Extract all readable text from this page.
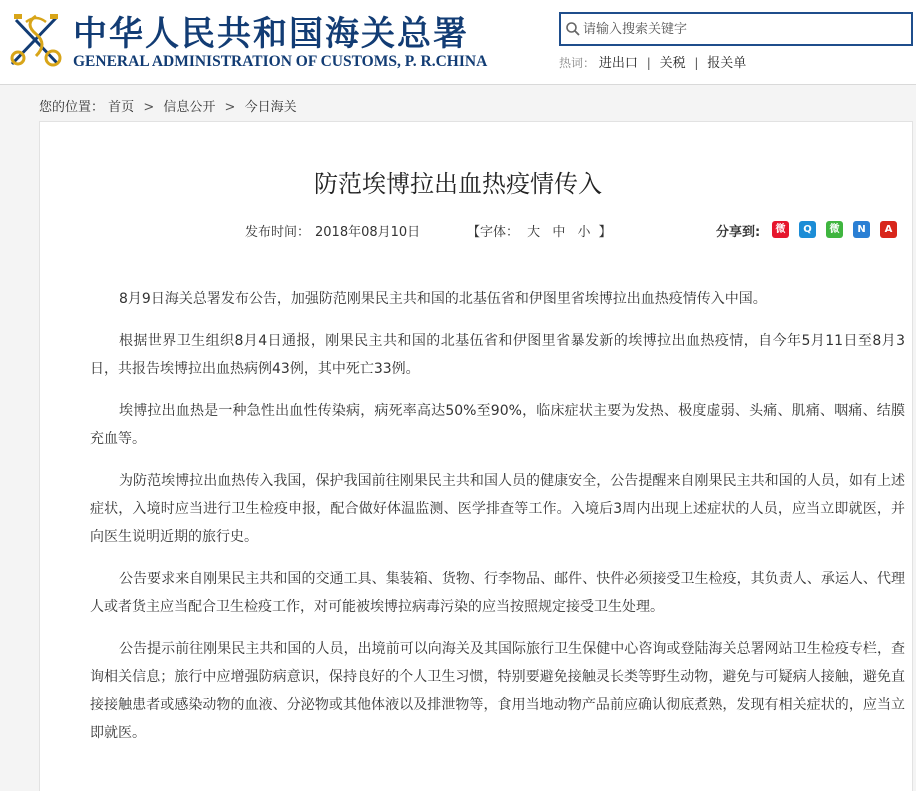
中华人民共和国海关总署
GENERAL ADMINISTRATION OF CUSTOMS, P. R.CHINA
请输入搜索关键字	热词： 进出口 | 关税 | 报关单
您的位置： 首页 > 信息公开 > 今日海关
防范埃博拉出血热疫情传入
发布时间： 2018年08月10日	【字体： 大 中 小 】	分享到:	微	Q	微	N	A

8月9日海关总署发布公告，加强防范刚果民主共和国的北基伍省和伊图里省埃博拉出血热疫情传入中国。

根据世界卫生组织8月4日通报，刚果民主共和国的北基伍省和伊图里省暴发新的埃博拉出血热疫情，自今年5月11日至8月3日，共报告埃博拉出血热病例43例，其中死亡33例。

埃博拉出血热是一种急性出血性传染病，病死率高达50%至90%，临床症状主要为发热、极度虚弱、头痛、肌痛、咽痛、结膜充血等。

为防范埃博拉出血热传入我国，保护我国前往刚果民主共和国人员的健康安全，公告提醒来自刚果民主共和国的人员，如有上述症状，入境时应当进行卫生检疫申报，配合做好体温监测、医学排查等工作。入境后3周内出现上述症状的人员，应当立即就医，并向医生说明近期的旅行史。

公告要求来自刚果民主共和国的交通工具、集装箱、货物、行李物品、邮件、快件必须接受卫生检疫，其负责人、承运人、代理人或者货主应当配合卫生检疫工作，对可能被埃博拉病毒污染的应当按照规定接受卫生处理。

公告提示前往刚果民主共和国的人员，出境前可以向海关及其国际旅行卫生保健中心咨询或登陆海关总署网站卫生检疫专栏，查询相关信息；旅行中应增强防病意识，保持良好的个人卫生习惯，特别要避免接触灵长类等野生动物，避免与可疑病人接触，避免直接接触患者或感染动物的血液、分泌物或其他体液以及排泄物等，食用当地动物产品前应确认彻底煮熟，发现有相关症状的，应当立即就医。
